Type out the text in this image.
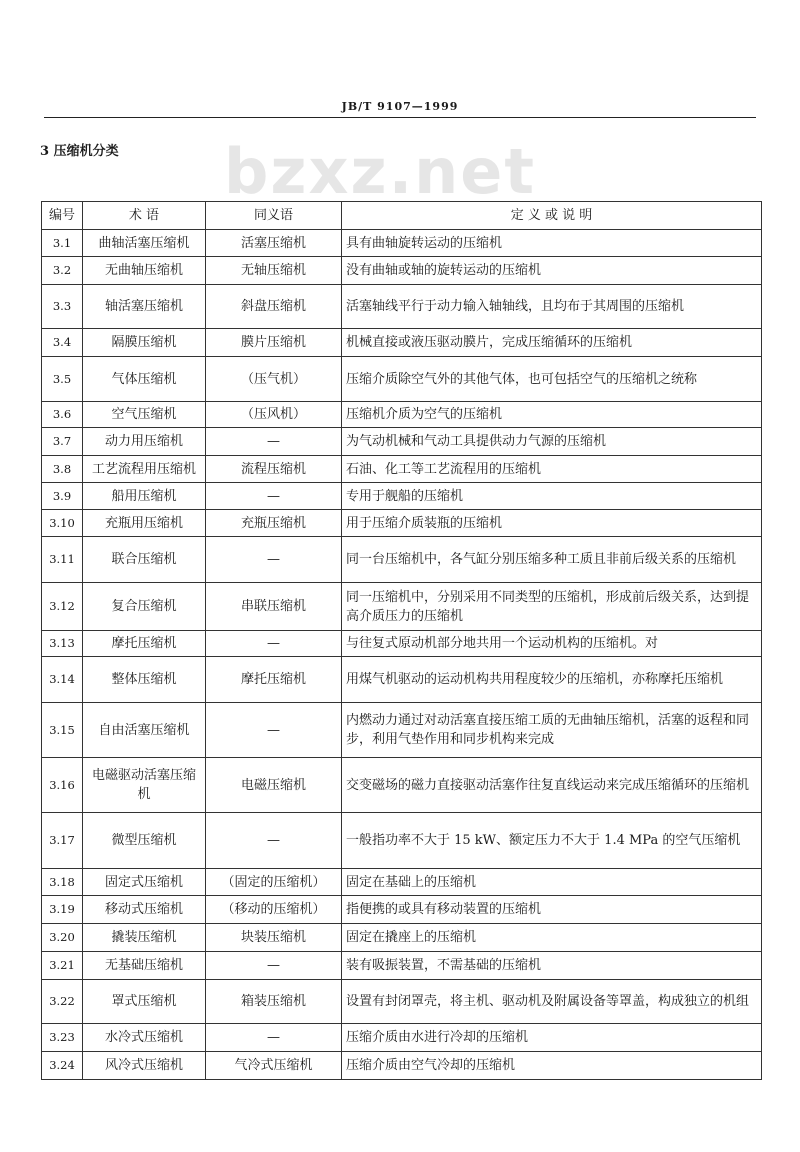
JB/T 9107—1999
3 压缩机分类	bzxz.net
编号	术 语	同义语	定 义 或 说 明
3.1	曲轴活塞压缩机	活塞压缩机	具有曲轴旋转运动的压缩机
3.2	无曲轴压缩机	无轴压缩机	没有曲轴或轴的旋转运动的压缩机
3.3	轴活塞压缩机	斜盘压缩机	活塞轴线平行于动力输入轴轴线，且均布于其周围的压缩机
3.4	隔膜压缩机	膜片压缩机	机械直接或液压驱动膜片，完成压缩循环的压缩机
3.5	气体压缩机	（压气机）	压缩介质除空气外的其他气体，也可包括空气的压缩机之统称
3.6	空气压缩机	（压风机）	压缩机介质为空气的压缩机
3.7	动力用压缩机	—	为气动机械和气动工具提供动力气源的压缩机
3.8	工艺流程用压缩机	流程压缩机	石油、化工等工艺流程用的压缩机
3.9	船用压缩机	—	专用于舰船的压缩机
3.10	充瓶用压缩机	充瓶压缩机	用于压缩介质装瓶的压缩机
3.11	联合压缩机	—	同一台压缩机中，各气缸分别压缩多种工质且非前后级关系的压缩机
3.12	复合压缩机	串联压缩机	同一压缩机中，分别采用不同类型的压缩机，形成前后级关系，达到提高介质压力的压缩机
3.13	摩托压缩机	—	与往复式原动机部分地共用一个运动机构的压缩机。对
3.14	整体压缩机	摩托压缩机	用煤气机驱动的运动机构共用程度较少的压缩机，亦称摩托压缩机
3.15	自由活塞压缩机	—	内燃动力通过对动活塞直接压缩工质的无曲轴压缩机，活塞的返程和同步，利用气垫作用和同步机构来完成
3.16	电磁驱动活塞压缩机	电磁压缩机	交变磁场的磁力直接驱动活塞作往复直线运动来完成压缩循环的压缩机
3.17	微型压缩机	—	一般指功率不大于 15 kW、额定压力不大于 1.4 MPa 的空气压缩机
3.18	固定式压缩机	（固定的压缩机）	固定在基础上的压缩机
3.19	移动式压缩机	（移动的压缩机）	指便携的或具有移动装置的压缩机
3.20	撬装压缩机	块装压缩机	固定在撬座上的压缩机
3.21	无基础压缩机	—	装有吸振装置，不需基础的压缩机
3.22	罩式压缩机	箱装压缩机	设置有封闭罩壳，将主机、驱动机及附属设备等罩盖，构成独立的机组
3.23	水冷式压缩机	—	压缩介质由水进行冷却的压缩机
3.24	风冷式压缩机	气冷式压缩机	压缩介质由空气冷却的压缩机
